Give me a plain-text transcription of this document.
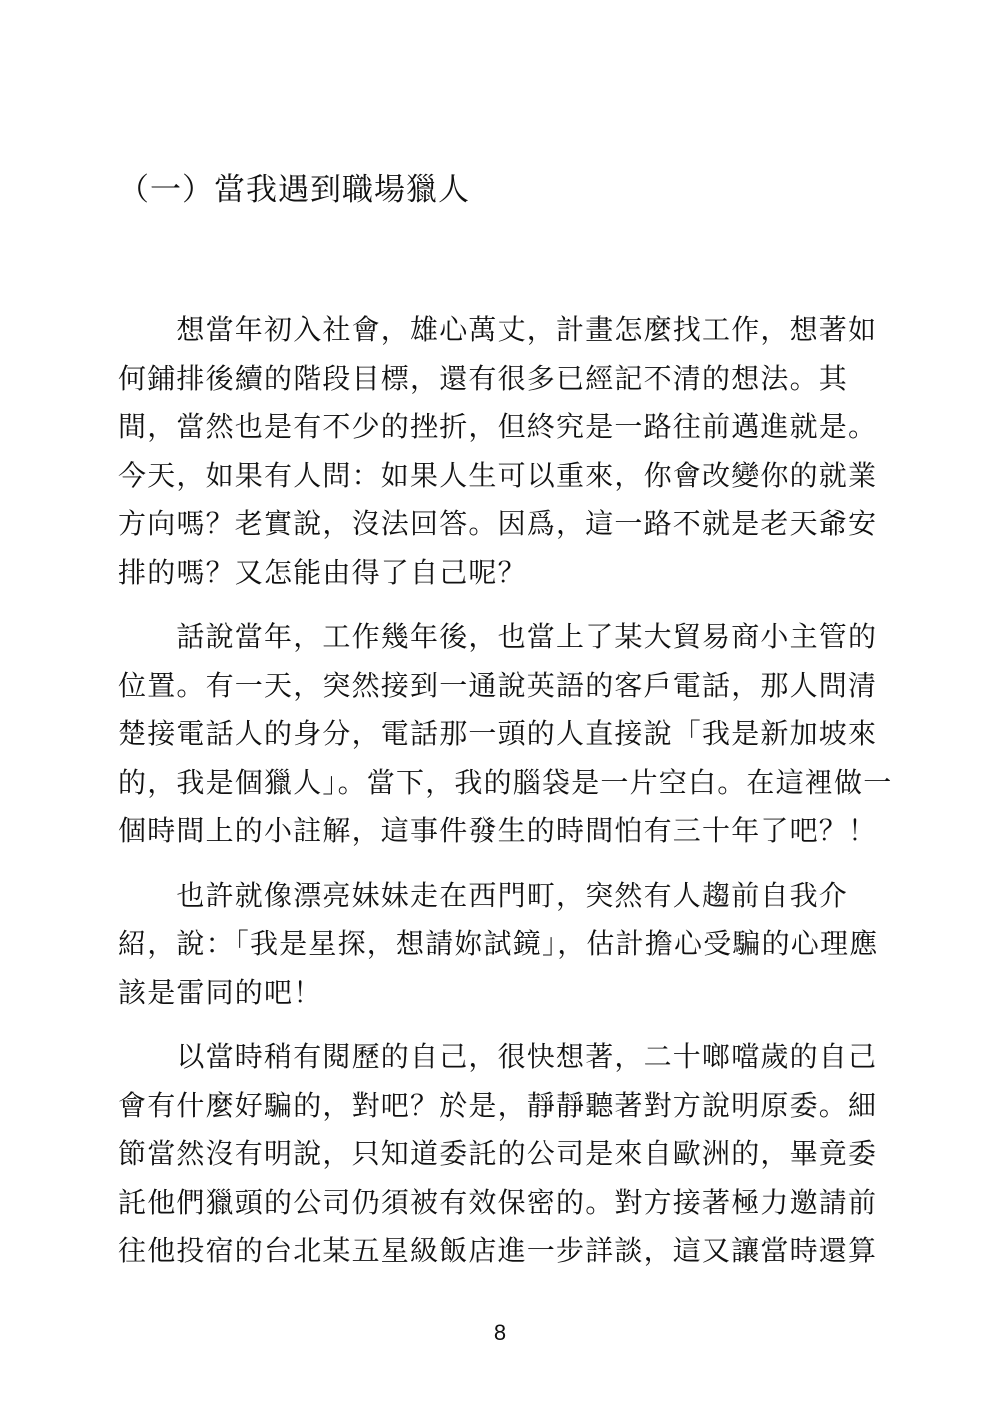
（一）當我遇到職場獵人

　　想當年初入社會，雄心萬丈，計畫怎麼找工作，想著如
何鋪排後續的階段目標，還有很多已經記不清的想法。其
間，當然也是有不少的挫折，但終究是一路往前邁進就是。
今天，如果有人問：如果人生可以重來，你會改變你的就業
方向嗎？老實說，沒法回答。因爲，這一路不就是老天爺安
排的嗎？又怎能由得了自己呢？

　　話說當年，工作幾年後，也當上了某大貿易商小主管的
位置。有一天，突然接到一通說英語的客戶電話，那人問清
楚接電話人的身分，電話那一頭的人直接說「我是新加坡來
的，我是個獵人」。當下，我的腦袋是一片空白。在這裡做一
個時間上的小註解，這事件發生的時間怕有三十年了吧？！

　　也許就像漂亮妹妹走在西門町，突然有人趨前自我介
紹，說：「我是星探，想請妳試鏡」，估計擔心受騙的心理應
該是雷同的吧！

　　以當時稍有閱歷的自己，很快想著，二十啷噹歲的自己
會有什麼好騙的，對吧？於是，靜靜聽著對方說明原委。細
節當然沒有明說，只知道委託的公司是來自歐洲的，畢竟委
託他們獵頭的公司仍須被有效保密的。對方接著極力邀請前
往他投宿的台北某五星級飯店進一步詳談，這又讓當時還算

8
